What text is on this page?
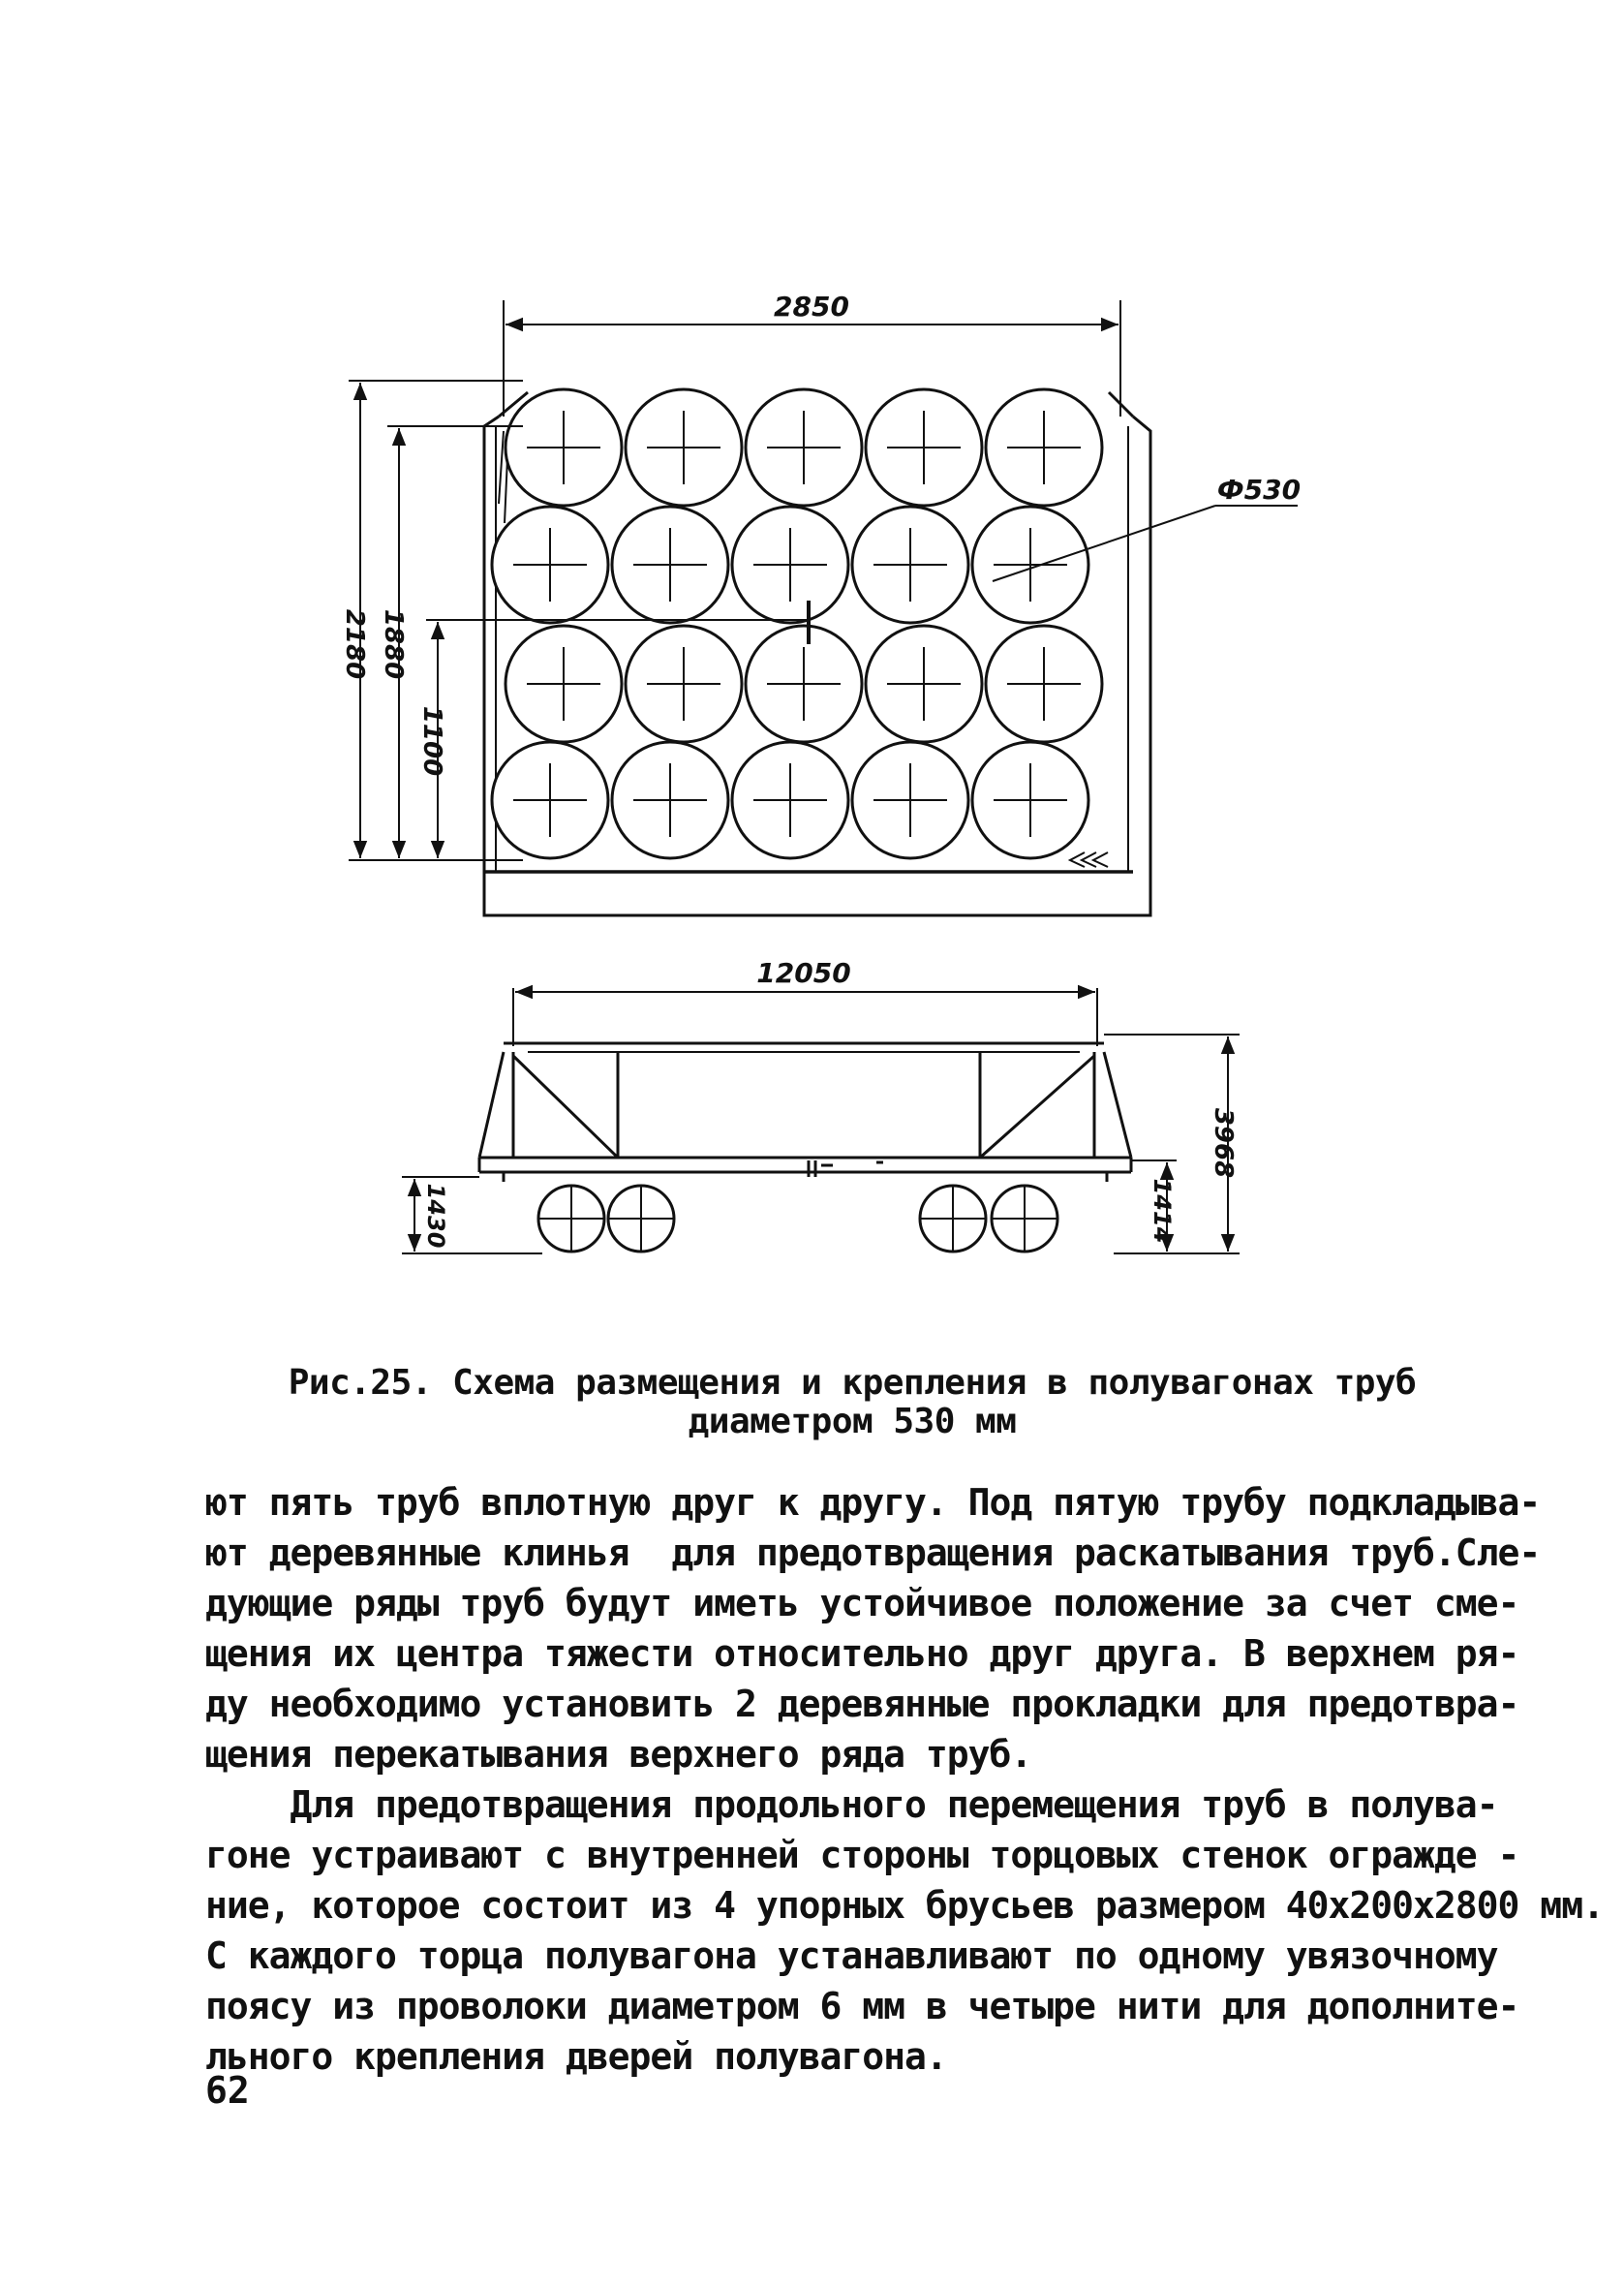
2850
Ф530
2180 1880
1100
12050
3968
1414
1430
Рис.25. Схема размещения и крепления в полувагонах труб
диаметром 530 мм
ют пять труб вплотную друг к другу. Под пятую трубу подкладыва-
ют деревянные клинья  для предотвращения раскатывания труб.Сле-
дующие ряды труб будут иметь устойчивое положение за счет сме-
щения их центра тяжести относительно друг друга. В верхнем ря-
ду необходимо установить 2 деревянные прокладки для предотвра-
щения перекатывания верхнего ряда труб.
Для предотвращения продольного перемещения труб в полува-
гоне устраивают с внутренней стороны торцовых стенок огражде -
ние, которое состоит из 4 упорных брусьев размером 40х200х2800 мм.
С каждого торца полувагона устанавливают по одному увязочному
поясу из проволоки диаметром 6 мм в четыре нити для дополните-
льного крепления дверей полувагона.
62
